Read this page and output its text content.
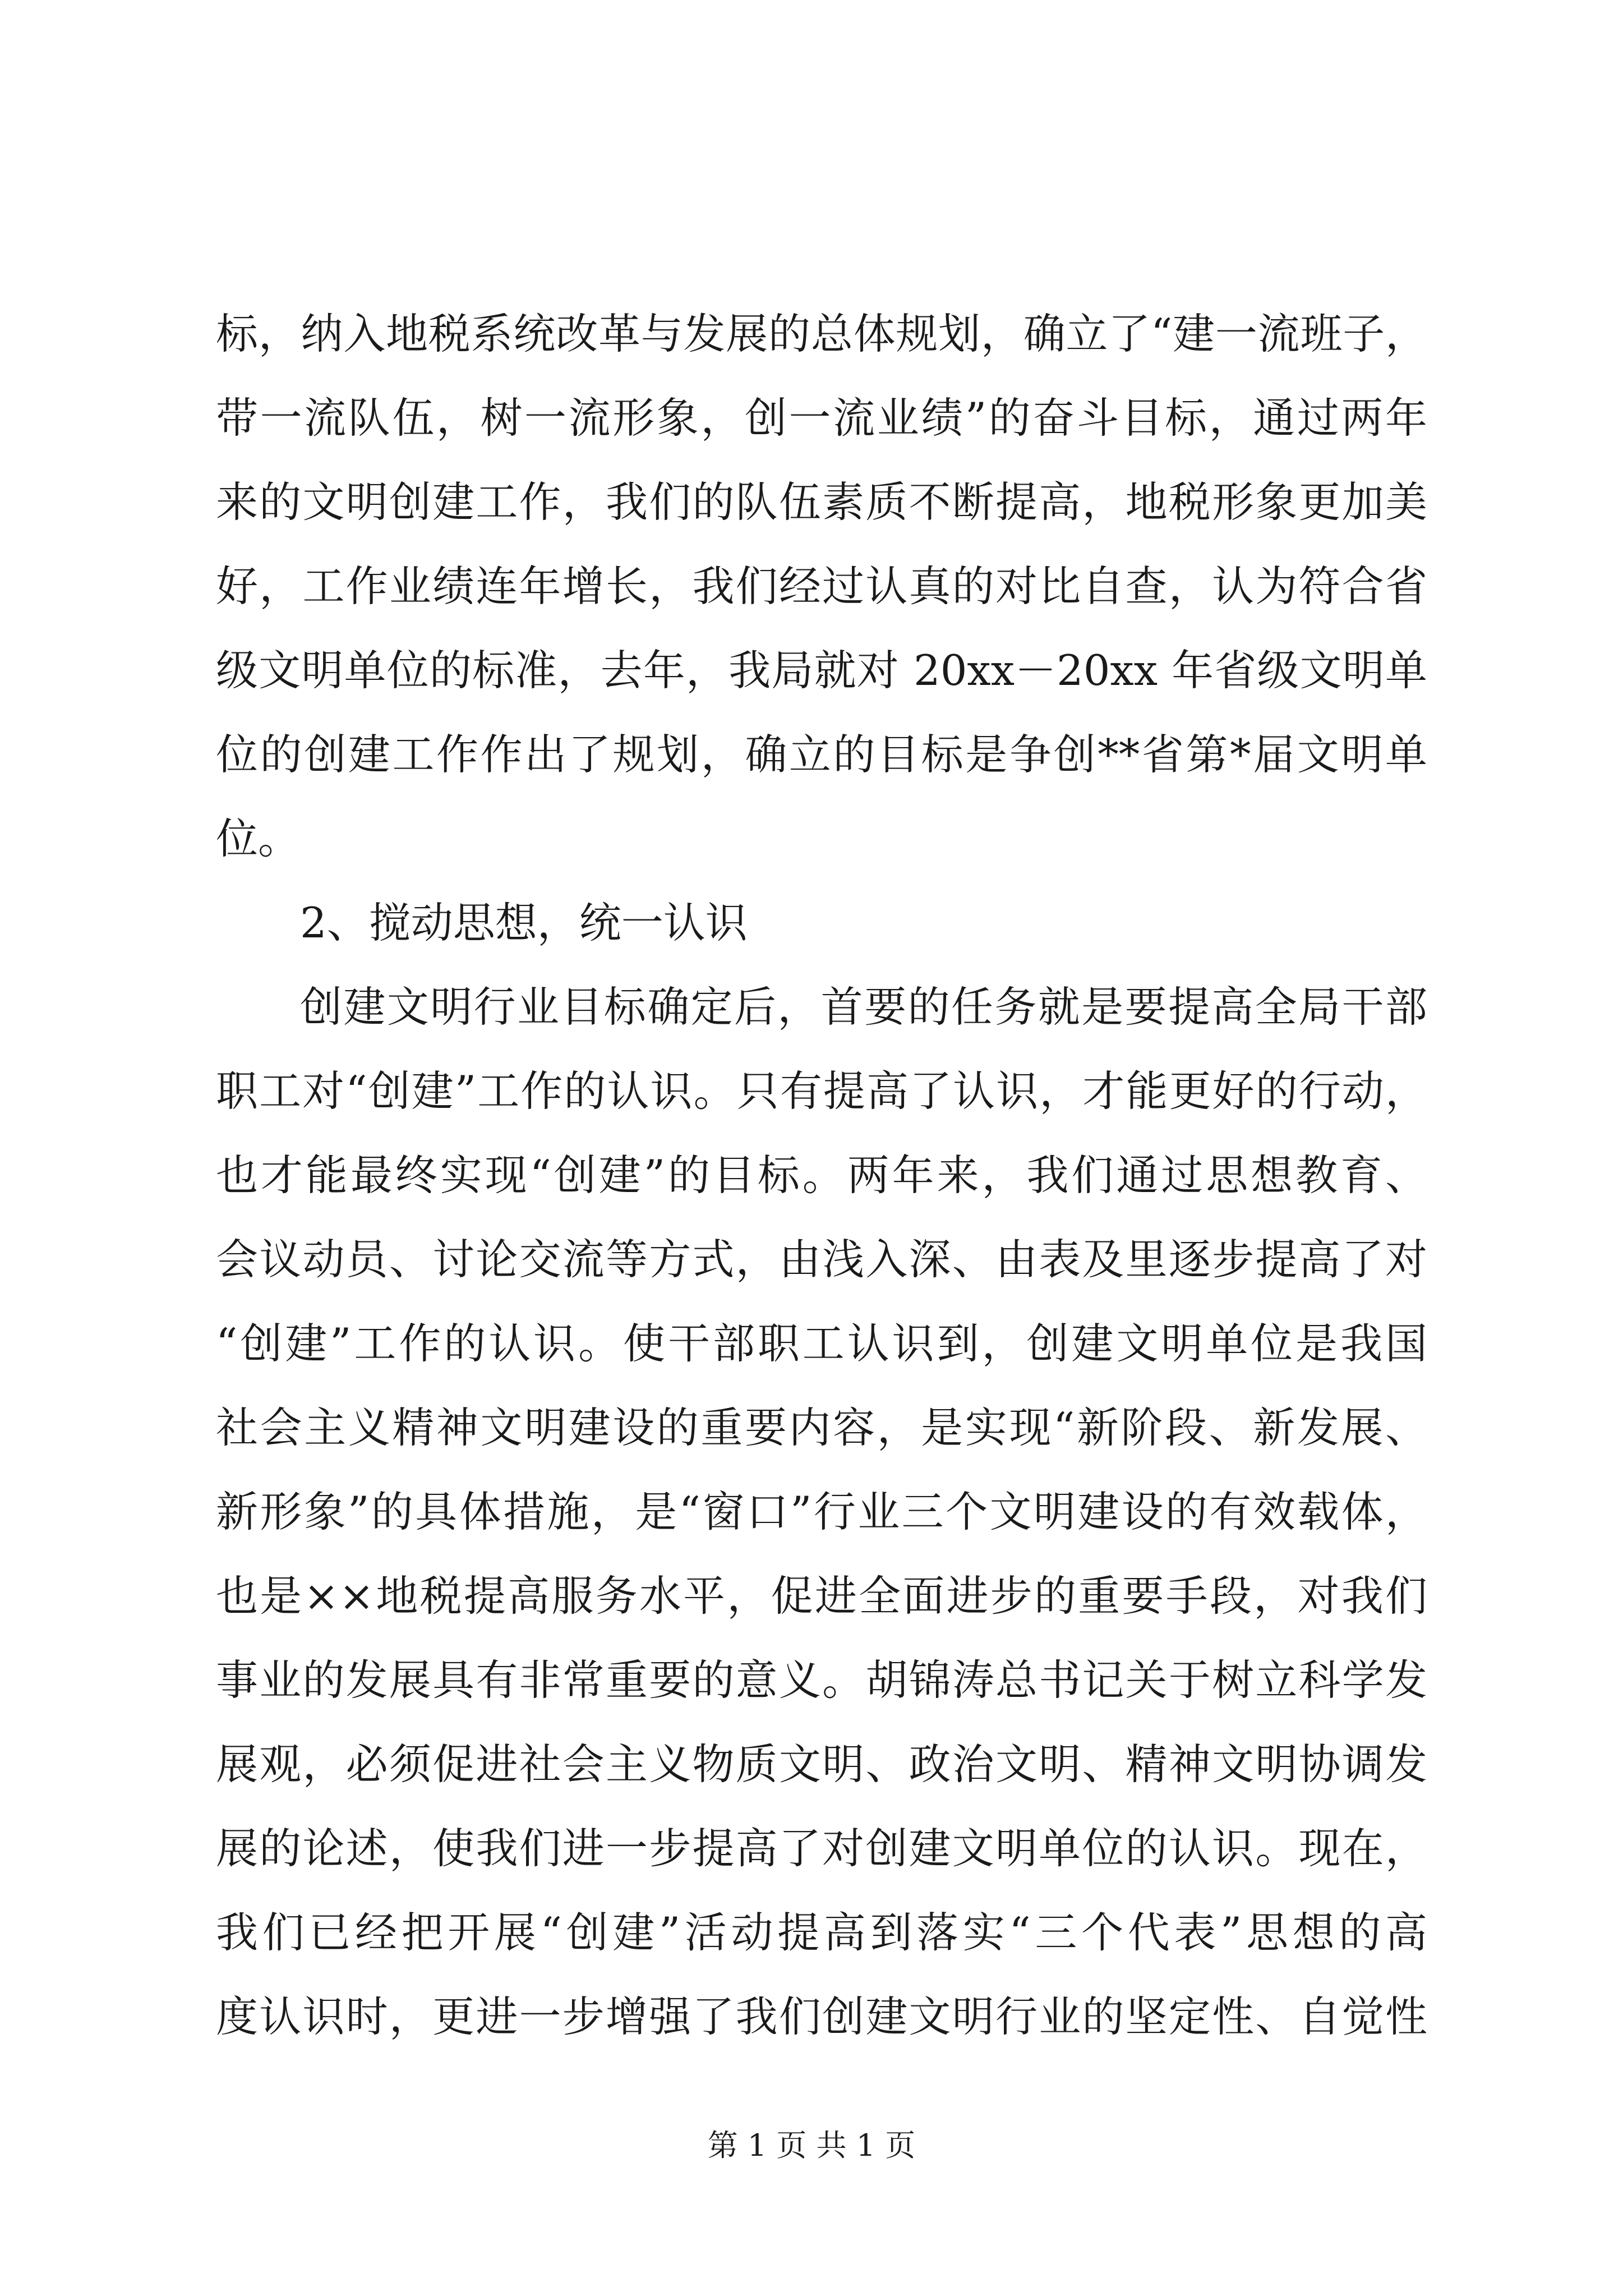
标，纳入地税系统改革与发展的总体规划，确立了“建一流班子，
带一流队伍，树一流形象，创一流业绩”的奋斗目标，通过两年
来的文明创建工作，我们的队伍素质不断提高，地税形象更加美
好，工作业绩连年增长，我们经过认真的对比自查，认为符合省
级文明单位的标准，去年，我局就对 20xx－20xx 年省级文明单
位的创建工作作出了规划，确立的目标是争创**省第*届文明单
位。
2、搅动思想，统一认识
创建文明行业目标确定后，首要的任务就是要提高全局干部
职工对“创建”工作的认识。只有提高了认识，才能更好的行动，
也才能最终实现“创建”的目标。两年来，我们通过思想教育、
会议动员、讨论交流等方式，由浅入深、由表及里逐步提高了对
“创建”工作的认识。使干部职工认识到，创建文明单位是我国
社会主义精神文明建设的重要内容，是实现“新阶段、新发展、
新形象”的具体措施，是“窗口”行业三个文明建设的有效载体，
也是××地税提高服务水平，促进全面进步的重要手段，对我们
事业的发展具有非常重要的意义。胡锦涛总书记关于树立科学发
展观，必须促进社会主义物质文明、政治文明、精神文明协调发
展的论述，使我们进一步提高了对创建文明单位的认识。现在，
我们已经把开展“创建”活动提高到落实“三个代表”思想的高
度认识时，更进一步增强了我们创建文明行业的坚定性、自觉性
第 1 页 共 1 页
